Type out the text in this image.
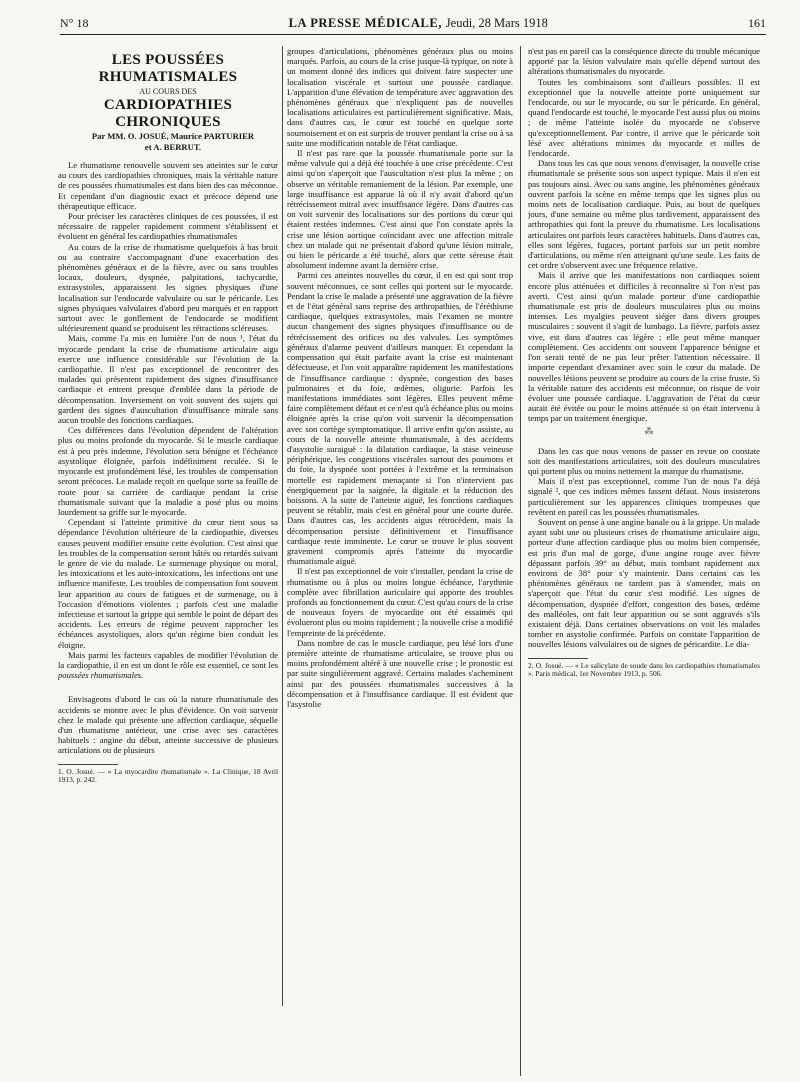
N° 18	LA PRESSE MÉDICALE, Jeudi, 28 Mars 1918	161

LES POUSSÉES RHUMATISMALES

AU COURS DES

CARDIOPATHIES CHRONIQUES

Par MM. O. JOSUÉ, Maurice PARTURIER

et A. BERRUT.

Le rhumatisme renouvelle souvent ses atteintes sur le cœur au cours des cardiopathies chroniques, mais la véritable nature de ces poussées rhumatismales est dans bien des cas méconnue. Et cependant d'un diagnostic exact et précoce dépend une thérapeutique efficace.

Pour préciser les caractères cliniques de ces poussées, il est nécessaire de rappeler rapidement comment s'établissent et évoluent en général les cardiopathies rhumatismales

Au cours de la crise de rhumatisme quelquefois à bas bruit ou au contraire s'accompagnant d'une exacerbation des phénomènes généraux et de la fièvre, avec ou sans troubles locaux, douleurs, dyspnée, palpitations, tachycardie, extrasystoles, apparaissent les signes physiques d'une localisation sur l'endocarde valvulaire ou sur le péricarde. Les signes physiques valvulaires d'abord peu marqués et en rapport surtout avec le gonflement de l'endocarde se modifient ultérieurement quand se produisent les rétractions scléreuses.

Mais, comme l'a mis en lumière l'un de nous ¹, l'état du myocarde pendant la crise de rhumatisme articulaire aigu exerce une influence considérable sur l'évolution de la cardiopathie. Il n'est pas exceptionnel de rencontrer des malades qui présentent rapidement des signes d'insuffisance cardiaque et entrent presque d'emblée dans la période de décompensation. Inversement on voit souvent des sujets qui gardent des signes d'auscultation d'insuffisance mitrale sans aucun trouble des fonctions cardiaques.

Ces différences dans l'évolution dépendent de l'altération plus ou moins profonde du myocarde. Si le muscle cardiaque est à peu près indemne, l'évolution sera bénigne et l'échéance asystolique éloignée, parfois indéfiniment reculée. Si le myocarde est profondément lésé, les troubles de compensation seront précoces. Le malade reçoit en quelque sorte sa feuille de route pour sa carrière de cardiaque pendant la crise rhumatismale suivant que la maladie a posé plus ou moins lourdement sa griffe sur le myocarde.

Cependant si l'atteinte primitive du cœur tient sous sa dépendance l'évolution ultérieure de la cardiopathie, diverses causes peuvent modifier ensuite cette évolution. C'est ainsi que les troubles de la compensation seront hâtés ou retardés suivant le genre de vie du malade. Le surmenage physique ou moral, les intoxications et les auto-intoxications, les infections ont une influence manifeste. Les troubles de compensation font souvent leur apparition au cours de fatigues et de surmenage, ou à l'occasion d'émotions violentes ; parfois c'est une maladie infectieuse et surtout la grippe qui semble le point de départ des accidents. Les erreurs de régime peuvent rapprocher les échéances asystoliques, alors qu'un régime bien conduit les éloigne.

Mais parmi les facteurs capables de modifier l'évolution de la cardiopathie, il en est un dont le rôle est essentiel, ce sont les poussées rhumatismales.

Envisageons d'abord le cas où la nature rhumatismale des accidents se montre avec le plus d'évidence. On voit survenir chez le malade qui présente une affection cardiaque, séquelle d'un rhumatisme antérieur, une crise avec ses caractères habituels : angine du début, atteinte successive de plusieurs articulations ou de plusieurs

1. O. Josué. — « La myocardite rhumatismale ». La Clinique, 18 Avril 1913, p. 242.

groupes d'articulations, phénomènes généraux plus ou moins marqués. Parfois, au cours de la crise jusque-là typique, on note à un moment donné des indices qui doivent faire suspecter une localisation viscérale et surtout une poussée cardiaque. L'apparition d'une élévation de température avec aggravation des phénomènes généraux que n'expliquent pas de nouvelles localisations articulaires est particulièrement significative. Mais, dans d'autres cas, le cœur est touché en quelque sorte sournoisement et on est surpris de trouver pendant la crise ou à sa suite une modification notable de l'état cardiaque.

Il n'est pas rare que la poussée rhumatismale porte sur la même valvule qui a déjà été touchée à une crise précédente. C'est ainsi qu'on s'aperçoit que l'auscultation n'est plus la même ; on observe un véritable remaniement de la lésion. Par exemple, une large insuffisance est apparue là où il n'y avait d'abord qu'un rétrécissement mitral avec insuffisance légère. Dans d'autres cas on voit survenir des localisations sur des portions du cœur qui étaient restées indemnes. C'est ainsi que l'on constate après la crise une lésion aortique coïncidant avec une affection mitrale chez un malade qui ne présentait d'abord qu'une lésion mitrale, ou bien le péricarde a été touché, alors que cette séreuse était absolument indemne avant la dernière crise.

Parmi ces atteintes nouvelles du cœur, il en est qui sont trop souvent méconnues, ce sont celles qui portent sur le myocarde. Pendant la crise le malade a présenté une aggravation de la fièvre et de l'état général sans reprise des arthropathies, de l'éréthisme cardiaque, quelques extrasystoles, mais l'examen ne montre aucun changement des signes physiques d'insuffisance ou de rétrécissement des orifices ou des valvules. Les symptômes généraux d'alarme peuvent d'ailleurs manquer. Et cependant la compensation qui était parfaite avant la crise est maintenant défectueuse, et l'on voit apparaître rapidement les manifestations de l'insuffisance cardiaque : dyspnée, congestion des bases pulmonaires et du foie, œdèmes, oligurie. Parfois les manifestations immédiates sont légères. Elles peuvent même faire complètement défaut et ce n'est qu'à échéance plus ou moins éloignée après la crise qu'on voit survenir la décompensation avec son cortège symptomatique. Il arrive enfin qu'on assiste, au cours de la nouvelle atteinte rhumatismale, à des accidents d'asystolie suraiguë : la dilatation cardiaque, la stase veineuse périphérique, les congestions viscérales surtout des poumons et du foie, la dyspnée sont portées à l'extrême et la terminaison mortelle est rapidement menaçante si l'on n'intervient pas énergiquement par la saignée, la digitale et la réduction des boissons. A la suite de l'atteinte aiguë, les fonctions cardiaques peuvent se rétablir, mais c'est en général pour une courte durée. Dans d'autres cas, les accidents aigus rétrocèdent, mais la décompensation persiste définitivement et l'insuffisance cardiaque reste imminente. Le cœur se trouve le plus souvent gravement compromis après l'atteinte du myocardie rhumatismale aiguë.

Il n'est pas exceptionnel de voir s'installer, pendant la crise de rhumatisme ou à plus ou moins longue échéance, l'arythmie complète avec fibrillation auriculaire qui apporte des troubles profonds au fonctionnement du cœur. C'est qu'au cours de la crise de nouveaux foyers de myocardite ont été essaimés qui évolueront plus ou moins rapidement ; la nouvelle crise a modifié l'empreinte de la précédente.

Dans nombre de cas le muscle cardiaque, peu lésé lors d'une première atteinte de rhumatisme articulaire, se trouve plus ou moins profondément altéré à une nouvelle crise ; le pronostic est par suite singulièrement aggravé. Certains malades s'acheminent ainsi par des poussées rhumatismales successives à la décompensation et à l'insuffisance cardiaque. Il est évident que l'asystolie

n'est pas en pareil cas la conséquence directe du trouble mécanique apporté par la lésion valvulaire mais qu'elle dépend surtout des altérations rhumatismales du myocarde.

Toutes les combinaisons sont d'ailleurs possibles. Il est exceptionnel que la nouvelle atteinte porte uniquement sur l'endocarde, ou sur le myocarde, ou sur le péricarde. En général, quand l'endocarde est touché, le myocarde l'est aussi plus ou moins ; de même l'atteinte isolée du myocarde ne s'observe qu'exceptionnellement. Par contre, il arrive que le péricarde soit lésé avec altérations minimes du myocarde et nulles de l'endocarde.

Dans tous les cas que nous venons d'envisager, la nouvelle crise rhumatismale se présente sous son aspect typique. Mais il n'en est pas toujours ainsi. Avec ou sans angine, les phénomènes généraux ouvrent parfois la scène en même temps que les signes plus ou moins nets de localisation cardiaque. Puis, au bout de quelques jours, d'une semaine ou même plus tardivement, apparaissent des arthropathies qui font la preuve du rhumatisme. Les localisations articulaires ont parfois leurs caractères habituels. Dans d'autres cas, elles sont légères, fugaces, portant parfois sur un petit nombre d'articulations, ou même n'en atteignant qu'une seule. Les faits de cet ordre s'observent avec une fréquence relative.

Mais il arrive que les manifestations non cardiaques soient encore plus atténuées et difficiles à reconnaître si l'on n'est pas averti. C'est ainsi qu'un malade porteur d'une cardiopathie rhumatismale est pris de douleurs musculaires plus ou moins intenses. Les myalgies peuvent siéger dans divers groupes musculaires : souvent il s'agit de lumbago. La fièvre, parfois assez vive, est dans d'autres cas légère ; elle peut même manquer complètement. Ces accidents ont souvent l'apparence bénigne et l'on serait tenté de ne pas leur prêter l'attention nécessaire. Il importe cependant d'examiner avec soin le cœur du malade. De nouvelles lésions peuvent se produire au cours de la crise fruste. Si la véritable nature des accidents est méconnue, on risque de voir évoluer une poussée cardiaque. L'aggravation de l'état du cœur aurait été évitée ou pour le moins atténuée si on était intervenu à temps par un traitement énergique.

⁂

Dans les cas que nous venons de passer en revue on constate soit des manifestations articulaires, soit des douleurs musculaires qui portent plus ou moins nettement la marque du rhumatisme.

Mais il n'est pas exceptionnel, comme l'un de nous l'a déjà signalé ², que ces indices mêmes fassent défaut. Nous insisterons particulièrement sur les apparences cliniques trompeuses que revêtent en pareil cas les poussées rhumatismales.

Souvent on pense à une angine banale ou à la grippe. Un malade ayant subi une ou plusieurs crises de rhumatisme articulaire aigu, porteur d'une affection cardiaque plus ou moins bien compensée, est pris d'un mal de gorge, d'une angine rouge avec fièvre dépassant parfois 39° au début, mais tombant rapidement aux environs de 38° pour s'y maintenir. Dans certains cas les phénomènes généraux ne tardent pas à s'amender, mais on s'aperçoit que l'état du cœur s'est modifié. Les signes de décompensation, dyspnée d'effort, congestion des bases, œdème des malléoles, ont fait leur apparition ou se sont aggravés s'ils existaient déjà. Dans certaines observations on voit les malades tomber en asystolie confirmée. Parfois on constate l'apparition de nouvelles lésions valvulaires ou de signes de péricardite. Le dia-

2. O. Josué. — « Le salicylate de soude dans les cardiopathies rhumatismales ». Paris médical, 1er Novembre 1913, p. 506.
